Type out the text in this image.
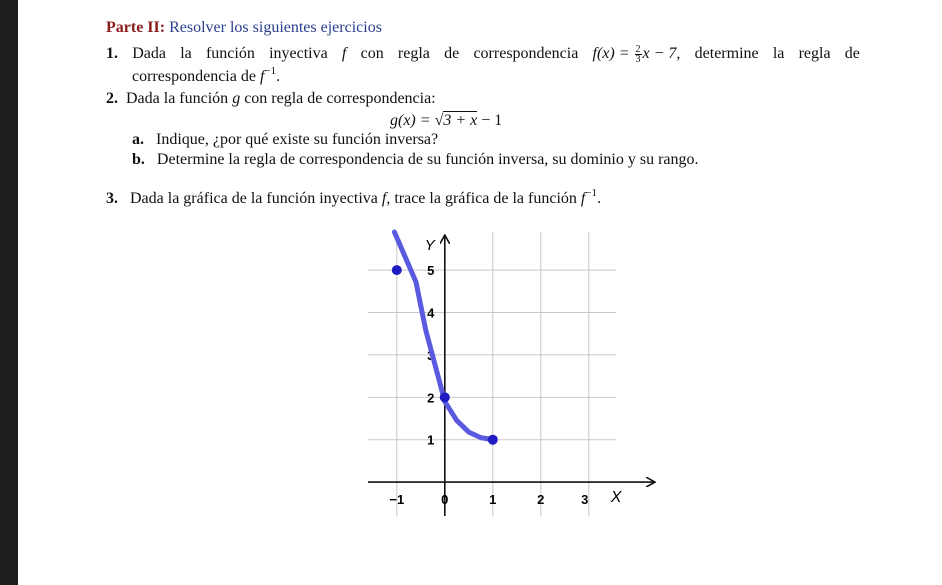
Parte II: Resolver los siguientes ejercicios
1. Dada la función inyectiva f con regla de correspondencia $f(x) = \frac{2}{3}$ x − 7, determine la regla de
correspondencia de $f^{-1}$.
2. Dada la función g con regla de correspondencia:
g(x) = √3 + x − 1
a. Indique, ¿por qué existe su función inversa?
b. Determine la regla de correspondencia de su función inversa, su dominio y su rango.
3. Dada la gráfica de la función inyectiva f, trace la gráfica de la función $f^{-1}$.
X
Y
−1	0	1	2	3
1
2
3
4
5
